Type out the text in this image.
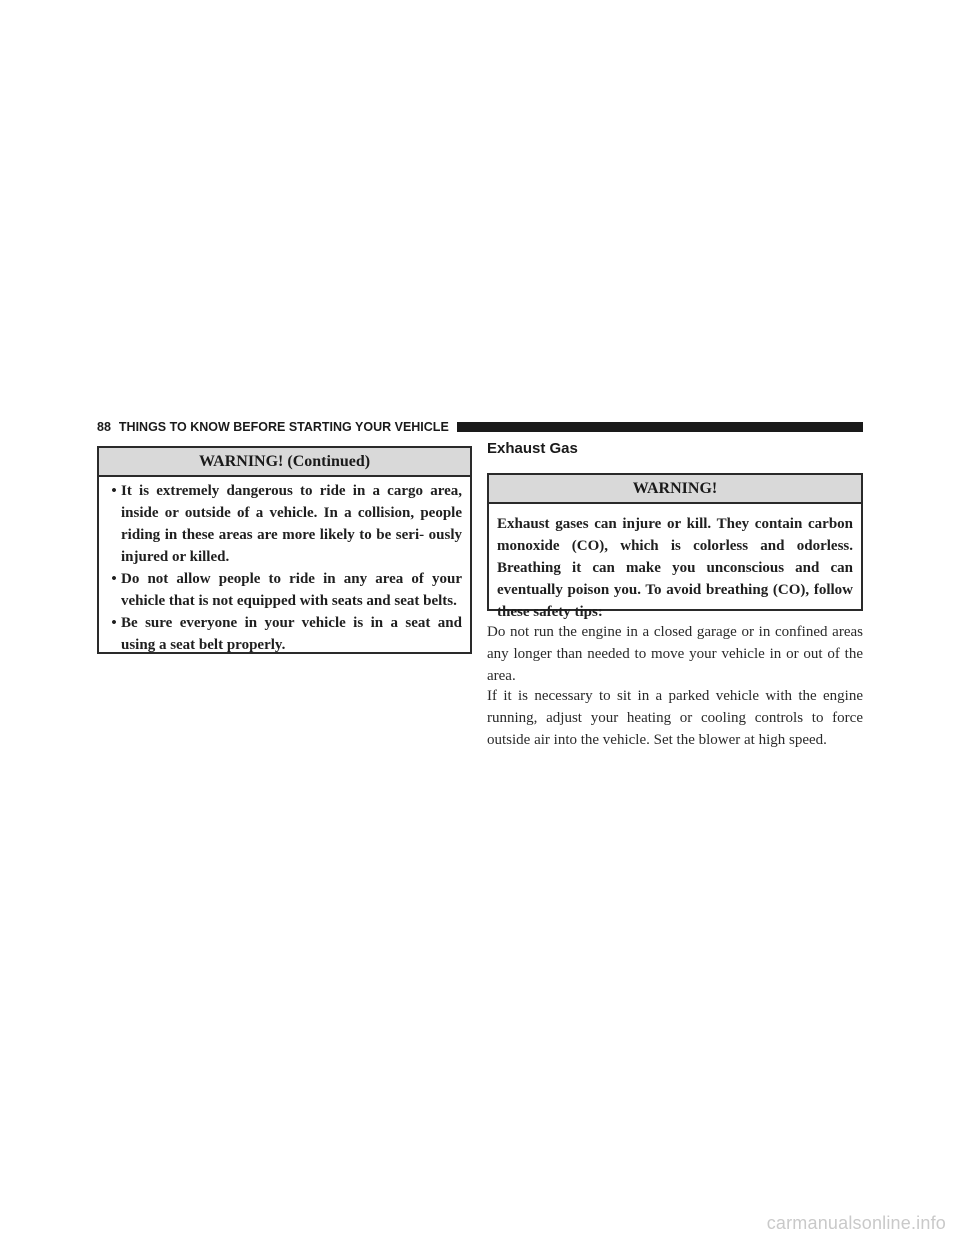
88 THINGS TO KNOW BEFORE STARTING YOUR VEHICLE
WARNING! (Continued)
• It is extremely dangerous to ride in a cargo area, inside or outside of a vehicle. In a collision, people riding in these areas are more likely to be seri- ously injured or killed.
• Do not allow people to ride in any area of your vehicle that is not equipped with seats and seat belts.
• Be sure everyone in your vehicle is in a seat and using a seat belt properly.
Exhaust Gas
WARNING!
Exhaust gases can injure or kill. They contain carbon monoxide (CO), which is colorless and odorless. Breathing it can make you unconscious and can eventually poison you. To avoid breathing (CO), follow these safety tips:

Do not run the engine in a closed garage or in confined areas any longer than needed to move your vehicle in or out of the area.

If it is necessary to sit in a parked vehicle with the engine running, adjust your heating or cooling controls to force outside air into the vehicle. Set the blower at high speed.

carmanualsonline.info
